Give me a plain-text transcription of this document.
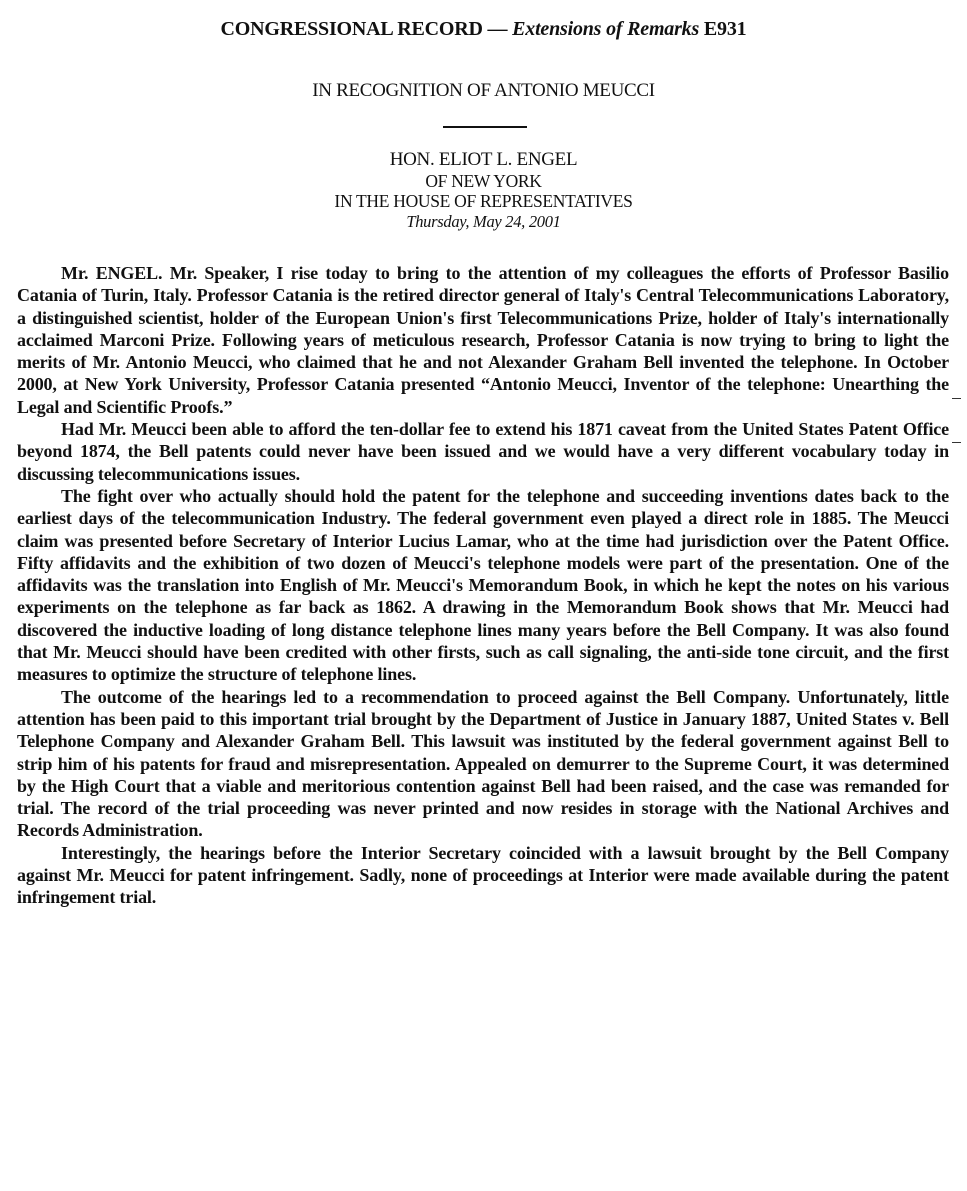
CONGRESSIONAL RECORD — Extensions of Remarks E931
IN RECOGNITION OF ANTONIO MEUCCI
HON. ELIOT L. ENGEL
OF NEW YORK
IN THE HOUSE OF REPRESENTATIVES
Thursday, May 24, 2001

Mr. ENGEL. Mr. Speaker, I rise today to bring to the attention of my colleagues the efforts of Professor Basilio Catania of Turin, Italy. Professor Catania is the retired director general of Italy's Central Telecommunications Laboratory, a distinguished scientist, holder of the European Union's first Telecommunications Prize, holder of Italy's internationally acclaimed Marconi Prize. Following years of meticulous research, Professor Catania is now trying to bring to light the merits of Mr. Antonio Meucci, who claimed that he and not Alexander Graham Bell invented the telephone. In October 2000, at New York University, Professor Catania presented “Antonio Meucci, Inventor of the telephone: Unearthing the Legal and Scientific Proofs.”

Had Mr. Meucci been able to afford the ten-dollar fee to extend his 1871 caveat from the United States Patent Office beyond 1874, the Bell patents could never have been issued and we would have a very different vocabulary today in discussing telecommunications issues.

The fight over who actually should hold the patent for the telephone and succeeding inventions dates back to the earliest days of the telecommunication Industry. The federal government even played a direct role in 1885. The Meucci claim was presented before Secretary of Interior Lucius Lamar, who at the time had jurisdiction over the Patent Office. Fifty affidavits and the exhibition of two dozen of Meucci's telephone models were part of the presentation. One of the affidavits was the translation into English of Mr. Meucci's Memorandum Book, in which he kept the notes on his various experiments on the telephone as far back as 1862. A drawing in the Memorandum Book shows that Mr. Meucci had discovered the inductive loading of long distance telephone lines many years before the Bell Company. It was also found that Mr. Meucci should have been credited with other firsts, such as call signaling, the anti-side tone circuit, and the first measures to optimize the structure of telephone lines.

The outcome of the hearings led to a recommendation to proceed against the Bell Company. Unfortunately, little attention has been paid to this important trial brought by the Department of Justice in January 1887, United States v. Bell Telephone Company and Alexander Graham Bell. This lawsuit was instituted by the federal government against Bell to strip him of his patents for fraud and misrepresentation. Appealed on demurrer to the Supreme Court, it was determined by the High Court that a viable and meritorious contention against Bell had been raised, and the case was remanded for trial. The record of the trial proceeding was never printed and now resides in storage with the National Archives and Records Administration.

Interestingly, the hearings before the Interior Secretary coincided with a lawsuit brought by the Bell Company against Mr. Meucci for patent infringement. Sadly, none of proceedings at Interior were made available during the patent infringement trial.
